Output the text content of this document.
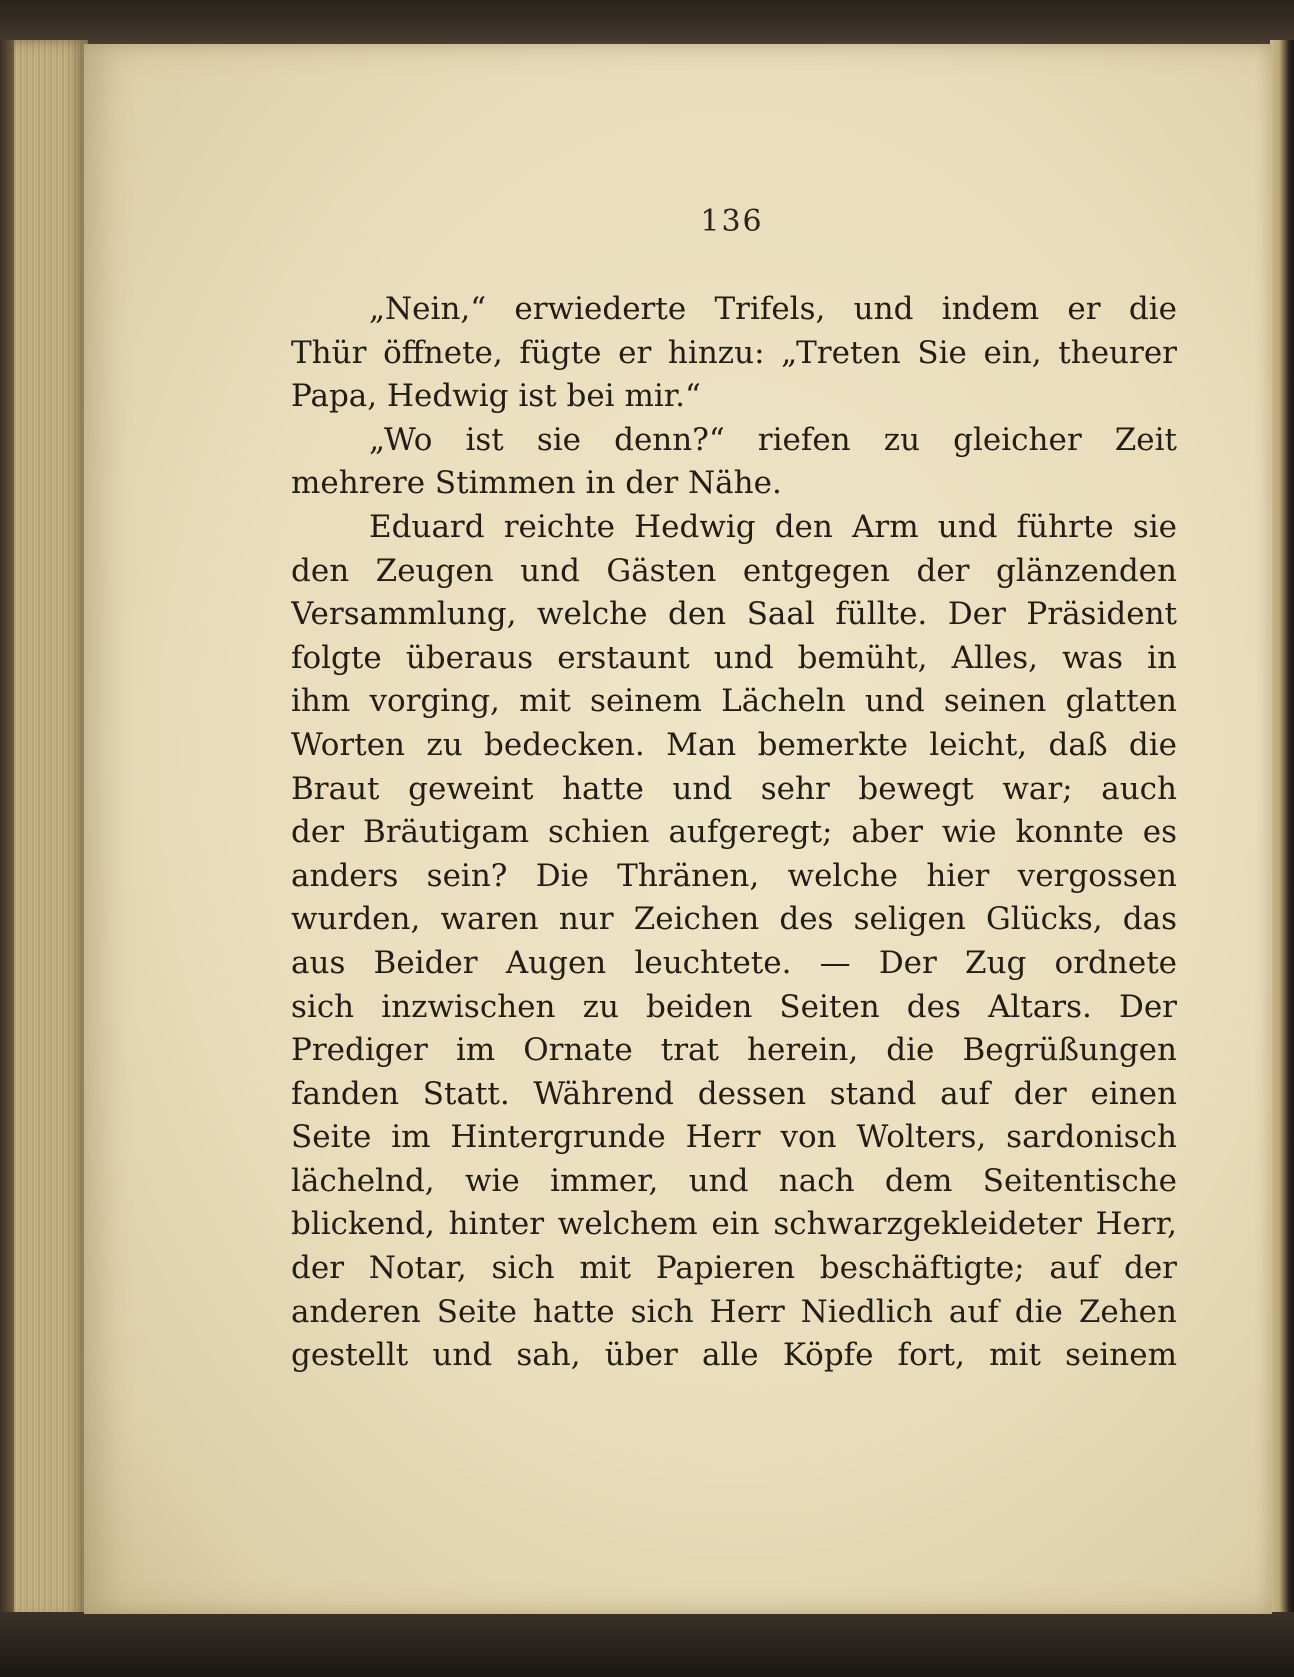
136
„Nein,“ erwiederte Trifels, und indem er die
Thür öffnete, fügte er hinzu: „Treten Sie ein, theurer
Papa, Hedwig ist bei mir.“
„Wo ist sie denn?“ riefen zu gleicher Zeit
mehrere Stimmen in der Nähe.
Eduard reichte Hedwig den Arm und führte sie
den Zeugen und Gästen entgegen der glänzenden
Versammlung, welche den Saal füllte. Der Präsident
folgte überaus erstaunt und bemüht, Alles, was in
ihm vorging, mit seinem Lächeln und seinen glatten
Worten zu bedecken. Man bemerkte leicht, daß die
Braut geweint hatte und sehr bewegt war; auch
der Bräutigam schien aufgeregt; aber wie konnte es
anders sein? Die Thränen, welche hier vergossen
wurden, waren nur Zeichen des seligen Glücks, das
aus Beider Augen leuchtete. — Der Zug ordnete
sich inzwischen zu beiden Seiten des Altars. Der
Prediger im Ornate trat herein, die Begrüßungen
fanden Statt. Während dessen stand auf der einen
Seite im Hintergrunde Herr von Wolters, sardonisch
lächelnd, wie immer, und nach dem Seitentische
blickend, hinter welchem ein schwarzgekleideter Herr,
der Notar, sich mit Papieren beschäftigte; auf der
anderen Seite hatte sich Herr Niedlich auf die Zehen
gestellt und sah, über alle Köpfe fort, mit seinem
